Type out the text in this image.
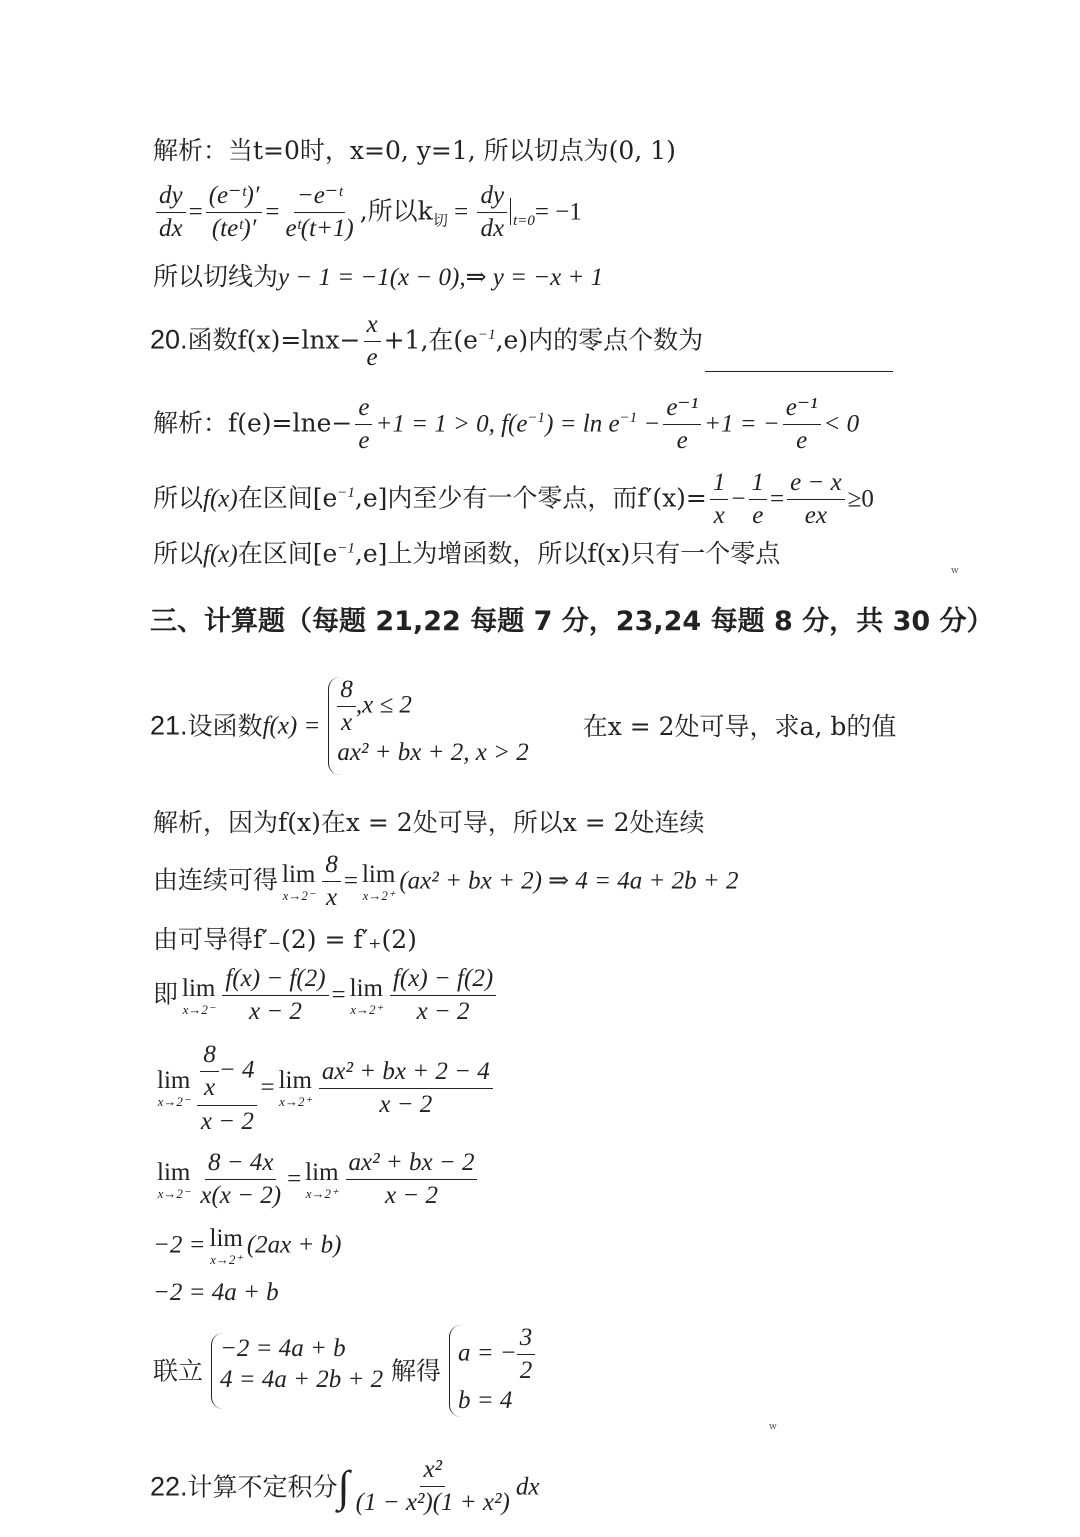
解析：当t=0时，x=0, y=1, 所以切点为(0, 1)
$\frac{dy}{dx} = \frac{\text{(e⁻ᵗ)′}}{\text{(teᵗ)′}} = \frac{\text{−e⁻ᵗ}}{\text{eᵗ(t+1)}}$ ,所以$k_切 = \frac{dy}{dx} _{t=0}= -1$
所以切线为y − 1 = −1(x − 0),⇒ y = −x + 1
20.函数$f(x)=\ln x- \frac{x}{e} +1$,在$(e^{-1},e)$内的零点个数为
解析：$f(e)=\ln e- \frac{e}{e} +1 = 1 > 0$, $f(e^{-1}) = \ln e^{-1} - \frac{\text{e⁻¹}}{e} +1$ = − $\frac{\text{e⁻¹}}{e} < 0$
所以f(x)在区间$[e^{-1},e]$内至少有一个零点，而$f'(x)= \frac{1}{x} - \frac{1}{e} = \frac{e - x}{ex} \ge 0$
所以f(x)在区间$[e^{-1},e]$上为增函数，所以f(x)只有一个零点
w
三、计算题（每题 21,22 每题 7 分，23,24 每题 8 分，共 30 分）
21.设函数$f(x) = \frac{8}{x} ,x \le 2$
ax² + bx + 2, x > 2
在x = 2处可导，求a, b的值
解析，因为f(x)在x = 2处可导，所以x = 2处连续
由连续可得 lim
$x\to 2^- \frac{8}{x} = \lim$
x→2⁺
(ax² + bx + 2) ⇒ 4 = 4a + 2b + 2
由可导得f′₋(2) = f′₊(2)
即 lim
$x\to 2^- \frac{f(x) - f(2)}{x - 2} = \lim$
$x\to 2^+ \frac{f(x) - f(2)}{x - 2}$
lim
$x\to 2^- \frac{\frac{8}{x} - 4}{x - 2} = \lim$
$x\to 2^+ \frac{\text{ax² + bx + 2 − 4}}{x - 2}$
lim
$x\to 2^- \frac{8 - 4x}{x(x - 2)} = \lim$
$x\to 2^+ \frac{\text{ax² + bx − 2}}{x - 2}$
−2 = lim
x→2⁺
(2ax + b)
−2 = 4a + b
联立
−2 = 4a + b
4 = 4a + 2b + 2 解得
a = − $\frac{3}{2}$
b = 4
w
22.计算不定积分∫ $\frac{\text{x²}}{\text{(1 − x²)(1 + x²)}}$ dx
